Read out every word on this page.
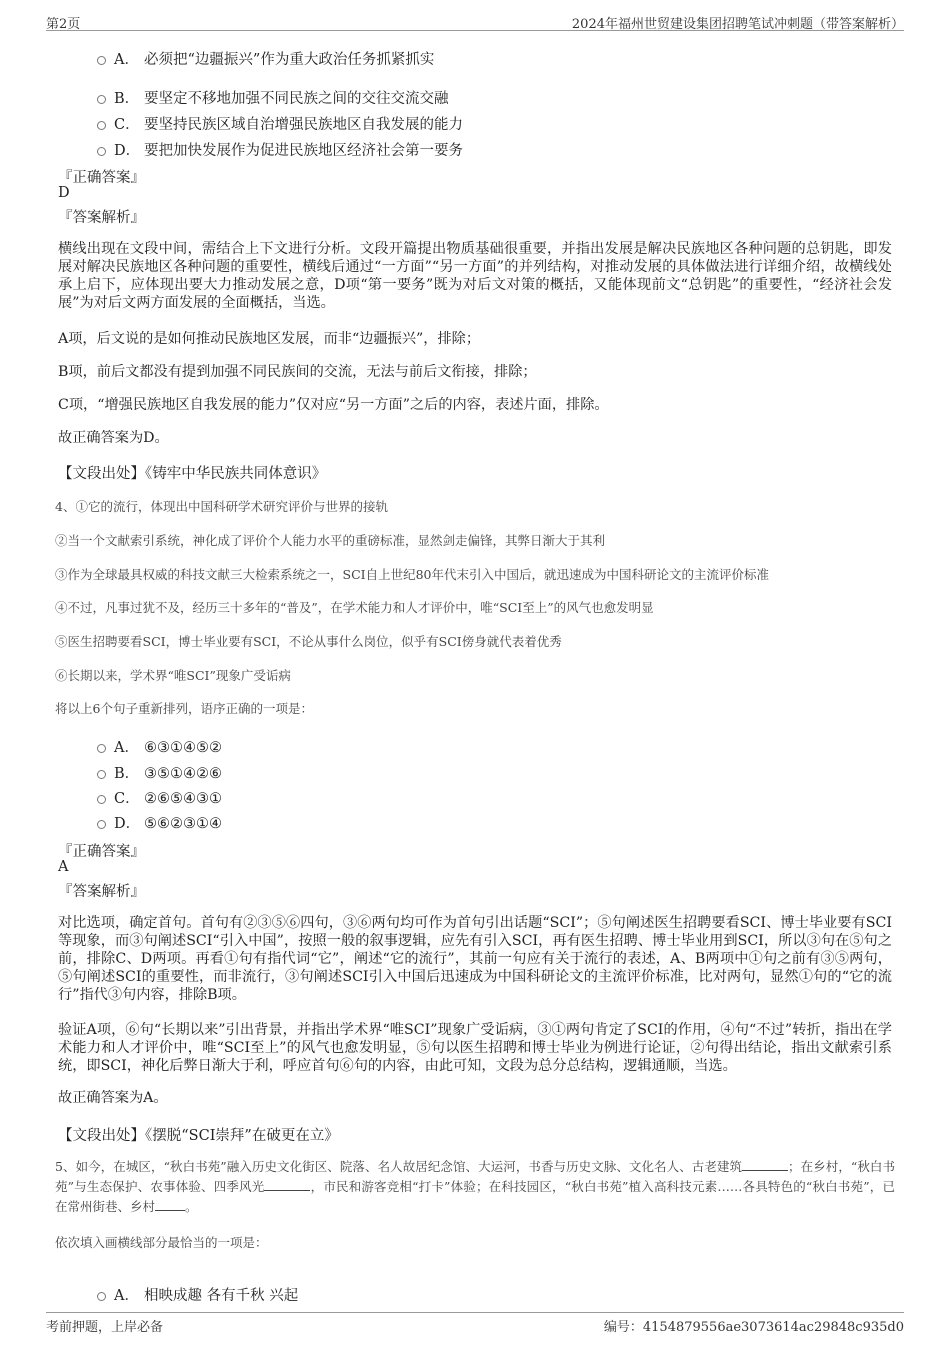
第2页	2024年福州世贸建设集团招聘笔试冲刺题（带答案解析）
A． 必须把“边疆振兴”作为重大政治任务抓紧抓实
B． 要坚定不移地加强不同民族之间的交往交流交融
C． 要坚持民族区域自治增强民族地区自我发展的能力
D． 要把加快发展作为促进民族地区经济社会第一要务
『正确答案』
D
『答案解析』
横线出现在文段中间，需结合上下文进行分析。文段开篇提出物质基础很重要，并指出发展是解决民族地区各种问题的总钥匙，即发展对解决民族地区各种问题的重要性，横线后通过“一方面”“另一方面”的并列结构，对推动发展的具体做法进行详细介绍，故横线处承上启下，应体现出要大力推动发展之意，D项“第一要务”既为对后文对策的概括，又能体现前文“总钥匙”的重要性，“经济社会发展”为对后文两方面发展的全面概括，当选。
A项，后文说的是如何推动民族地区发展，而非“边疆振兴”，排除；
B项，前后文都没有提到加强不同民族间的交流，无法与前后文衔接，排除；
C项，“增强民族地区自我发展的能力”仅对应“另一方面”之后的内容，表述片面，排除。
故正确答案为D。
【文段出处】《铸牢中华民族共同体意识》
4、①它的流行，体现出中国科研学术研究评价与世界的接轨
②当一个文献索引系统，神化成了评价个人能力水平的重磅标准，显然剑走偏锋，其弊日渐大于其利
③作为全球最具权威的科技文献三大检索系统之一，SCI自上世纪80年代末引入中国后，就迅速成为中国科研论文的主流评价标准
④不过，凡事过犹不及，经历三十多年的“普及”，在学术能力和人才评价中，唯“SCI至上”的风气也愈发明显
⑤医生招聘要看SCI，博士毕业要有SCI，不论从事什么岗位，似乎有SCI傍身就代表着优秀
⑥长期以来，学术界“唯SCI”现象广受诟病
将以上6个句子重新排列，语序正确的一项是：
A． ⑥③①④⑤②
B． ③⑤①④②⑥
C． ②⑥⑤④③①
D． ⑤⑥②③①④
『正确答案』
A
『答案解析』
对比选项，确定首句。首句有②③⑤⑥四句，③⑥两句均可作为首句引出话题“SCI”；⑤句阐述医生招聘要看SCI、博士毕业要有SCI等现象，而③句阐述SCI“引入中国”，按照一般的叙事逻辑，应先有引入SCI，再有医生招聘、博士毕业用到SCI，所以③句在⑤句之前，排除C、D两项。再看①句有指代词“它”，阐述“它的流行”，其前一句应有关于流行的表述，A、B两项中①句之前有③⑤两句，⑤句阐述SCI的重要性，而非流行，③句阐述SCI引入中国后迅速成为中国科研论文的主流评价标准，比对两句，显然①句的“它的流行”指代③句内容，排除B项。
验证A项，⑥句“长期以来”引出背景，并指出学术界“唯SCI”现象广受诟病，③①两句肯定了SCI的作用，④句“不过”转折，指出在学术能力和人才评价中，唯“SCI至上”的风气也愈发明显，⑤句以医生招聘和博士毕业为例进行论证，②句得出结论，指出文献索引系统，即SCI，神化后弊日渐大于利，呼应首句⑥句的内容，由此可知，文段为总分总结构，逻辑通顺，当选。
故正确答案为A。
【文段出处】《摆脱“SCI崇拜”在破更在立》
5、如今，在城区，“秋白书苑”融入历史文化街区、院落、名人故居纪念馆、大运河，书香与历史文脉、文化名人、古老建筑	；在乡村，“秋白书苑”与生态保护、农事体验、四季风光	，市民和游客竞相“打卡”体验；在科技园区，“秋白书苑”植入高科技元素……各具特色的“秋白书苑”，已在常州街巷、乡村 。
依次填入画横线部分最恰当的一项是：
A． 相映成趣 各有千秋 兴起
考前押题，上岸必备	编号：4154879556ae3073614ac29848c935d0
